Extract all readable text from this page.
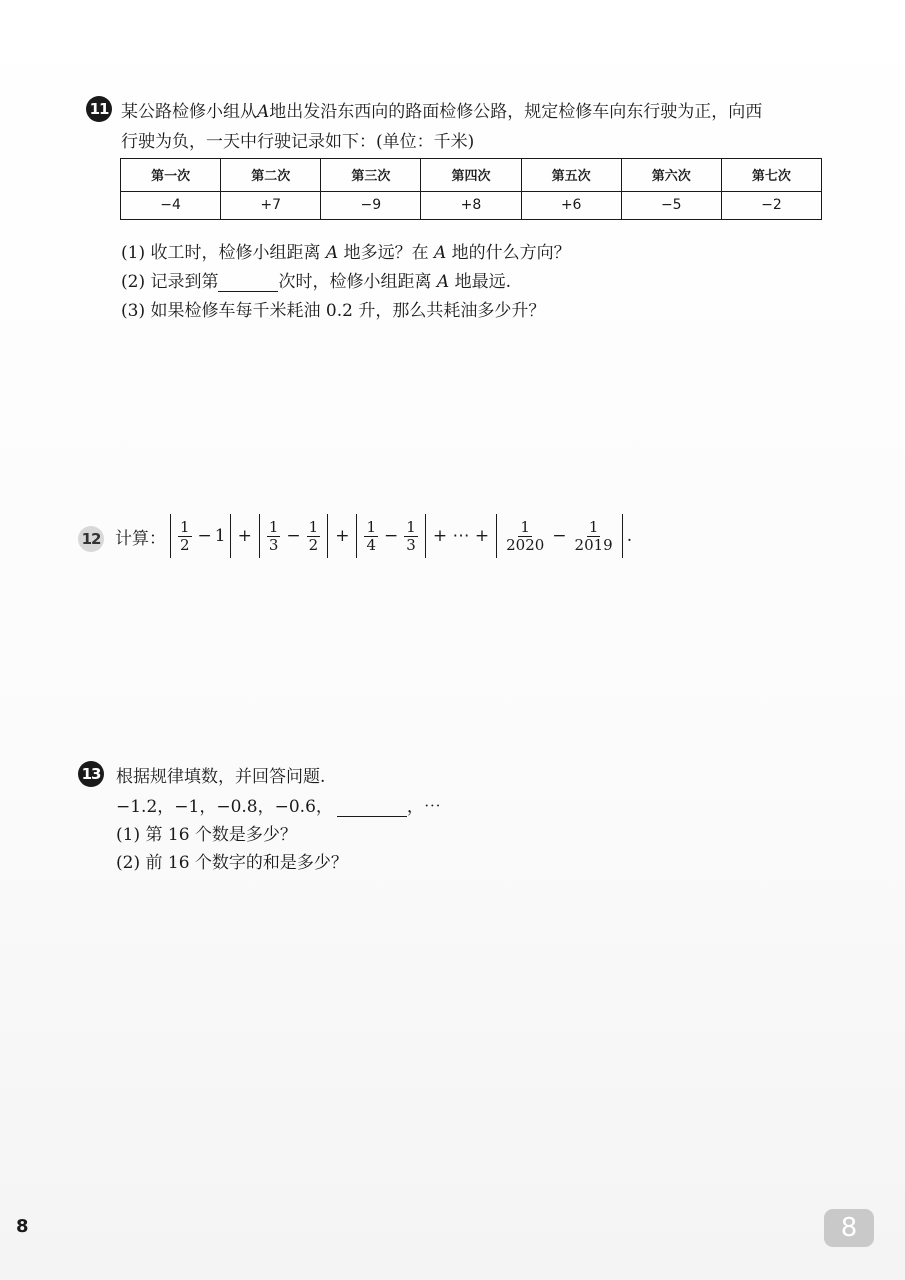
11 某公路检修小组从A地出发沿东西向的路面检修公路，规定检修车向东行驶为正，向西
行驶为负，一天中行驶记录如下：(单位：千米)
第一次	第二次	第三次	第四次	第五次	第六次	第七次
−4	+7	−9	+8	+6	−5	−2
(1) 收工时，检修小组距离 A 地多远？在 A 地的什么方向？
(2) 记录到第	次时，检修小组距离 A 地最远.
(3) 如果检修车每千米耗油 0.2 升，那么共耗油多少升？
12 计算： $\frac{1}{2} - 1 + \frac{1}{3} - \frac{1}{2} + \frac{1}{4} - \frac{1}{3}$ + ⋯ + $\frac{1}{2020} - \frac{1}{2019}$ .
13 根据规律填数，并回答问题.
−1.2，−1，−0.8，−0.6，	，⋯
(1) 第 16 个数是多少？
(2) 前 16 个数字的和是多少？
8	8
